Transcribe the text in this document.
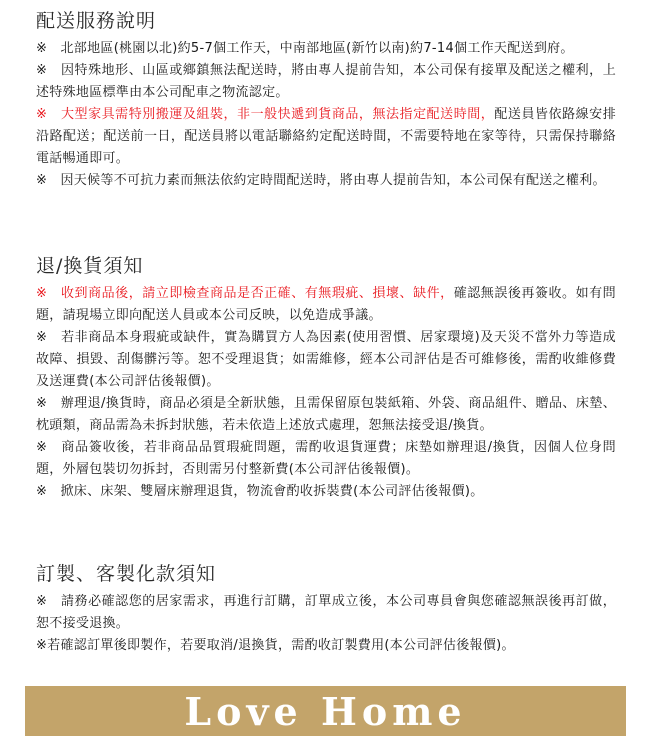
配送服務說明

※　北部地區(桃園以北)約5-7個工作天，中南部地區(新竹以南)約7-14個工作天配送到府。

※　因特殊地形、山區或鄉鎮無法配送時，將由專人提前告知，本公司保有接單及配送之權利，上述特殊地區標準由本公司配車之物流認定。

※　大型家具需特別搬運及組裝，非一般快遞到貨商品，無法指定配送時間，配送員皆依路線安排沿路配送；配送前一日，配送員將以電話聯絡約定配送時間，不需要特地在家等待，只需保持聯絡電話暢通即可。

※　因天候等不可抗力素而無法依約定時間配送時，將由專人提前告知，本公司保有配送之權利。

退/換貨須知

※　收到商品後，請立即檢查商品是否正確、有無瑕疵、損壞、缺件，確認無誤後再簽收。如有問題，請現場立即向配送人員或本公司反映，以免造成爭議。

※　若非商品本身瑕疵或缺件，實為購買方人為因素(使用習慣、居家環境)及天災不當外力等造成故障、損毀、刮傷髒污等。恕不受理退貨；如需維修，經本公司評估是否可維修後，需酌收維修費及送運費(本公司評估後報價)。

※　辦理退/換貨時，商品必須是全新狀態，且需保留原包裝紙箱、外袋、商品組件、贈品、床墊、枕頭類，商品需為未拆封狀態，若未依造上述放式處理，恕無法接受退/換貨。

※　商品簽收後，若非商品品質瑕疵問題，需酌收退貨運費；床墊如辦理退/換貨，因個人位身問題，外層包裝切勿拆封，否則需另付整新費(本公司評估後報價)。

※　掀床、床架、雙層床辦理退貨，物流會酌收拆裝費(本公司評估後報價)。

訂製、客製化款須知

※　請務必確認您的居家需求，再進行訂購，訂單成立後，本公司專員會與您確認無誤後再訂做，恕不接受退換。

※若確認訂單後即製作，若要取消/退換貨，需酌收訂製費用(本公司評估後報價)。

Love Home
